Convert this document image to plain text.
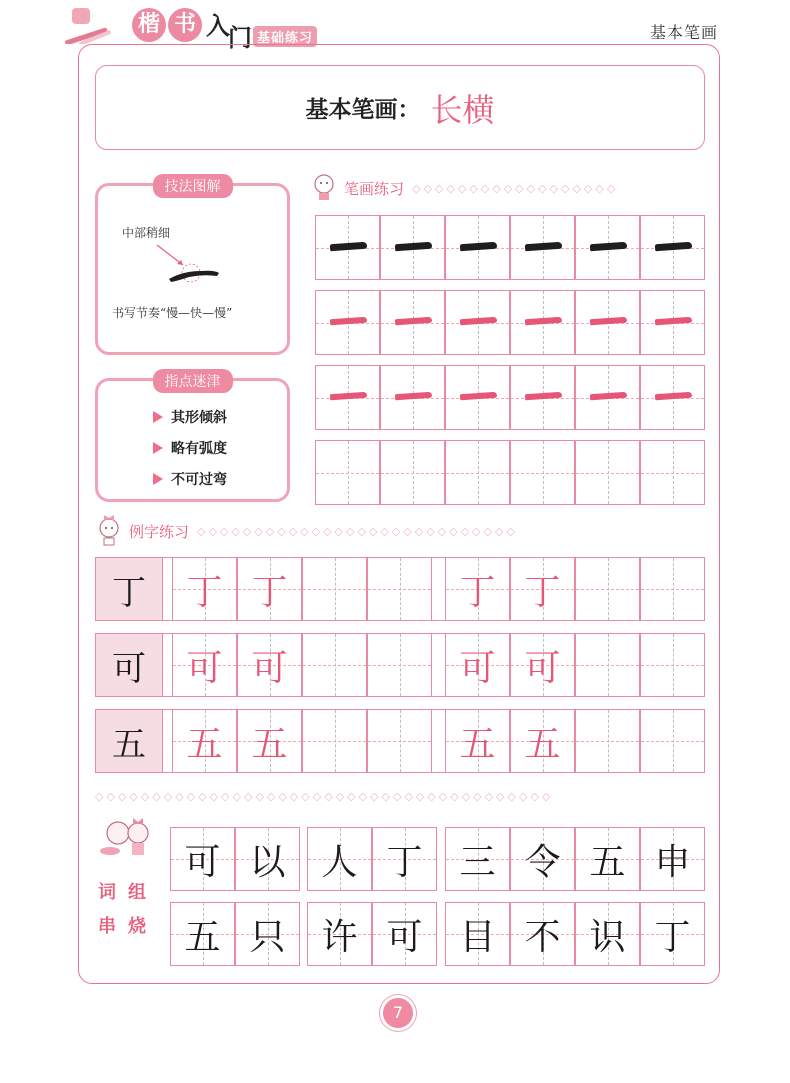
楷 书 入
门 基础练习	基本笔画
基本笔画： 长横
技法图解
中部稍细
书写节奏“慢—快—慢”
指点迷津
其形倾斜
略有弧度
不可过弯
笔画练习 ◇◇◇◇◇◇◇◇◇◇◇◇◇◇◇◇◇◇
例字练习 ◇◇◇◇◇◇◇◇◇◇◇◇◇◇◇◇◇◇◇◇◇◇◇◇◇◇◇◇
◇◇◇◇◇◇◇◇◇◇◇◇◇◇◇◇◇◇◇◇◇◇◇◇◇◇◇◇◇◇◇◇◇◇◇◇◇◇◇◇
词组
串烧
7
丁	丁 丁	丁 丁
可	可 可	可 可
五	五 五	五 五
可 以 人 丁	三 令 五 申
五 只 许 可	目 不 识 丁
